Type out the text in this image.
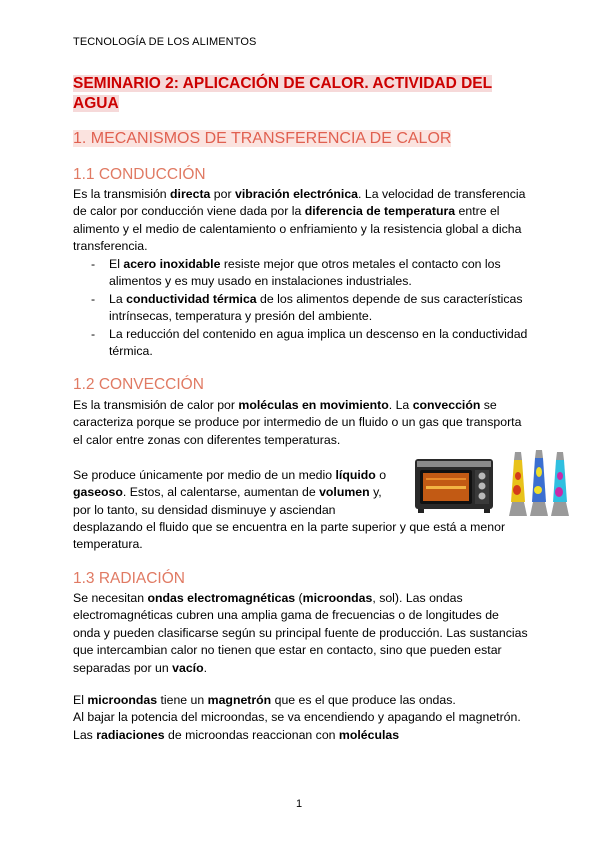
TECNOLOGÍA DE LOS ALIMENTOS
SEMINARIO 2: APLICACIÓN DE CALOR. ACTIVIDAD DEL
AGUA
1. MECANISMOS DE TRANSFERENCIA DE CALOR
1.1 CONDUCCIÓN
Es la transmisión directa por vibración electrónica. La velocidad de transferencia de calor por conducción viene dada por la diferencia de temperatura entre el alimento y el medio de calentamiento o enfriamiento y la resistencia global a dicha transferencia.
- El acero inoxidable resiste mejor que otros metales el contacto con los alimentos y es muy usado en instalaciones industriales.
- La conductividad térmica de los alimentos depende de sus características intrínsecas, temperatura y presión del ambiente.
- La reducción del contenido en agua implica un descenso en la conductividad térmica.
1.2 CONVECCIÓN
Es la transmisión de calor por moléculas en movimiento. La convección se caracteriza porque se produce por intermedio de un fluido o un gas que transporta el calor entre zonas con diferentes temperaturas.
Se produce únicamente por medio de un medio líquido o
gaseoso. Estos, al calentarse, aumentan de volumen y,
por lo tanto, su densidad disminuye y asciendan
desplazando el fluido que se encuentra en la parte superior y que está a menor temperatura.
1.3 RADIACIÓN
Se necesitan ondas electromagnéticas (microondas, sol). Las ondas electromagnéticas cubren una amplia gama de frecuencias o de longitudes de onda y pueden clasificarse según su principal fuente de producción. Las sustancias que intercambian calor no tienen que estar en contacto, sino que pueden estar separadas por un vacío.
El microondas tiene un magnetrón que es el que produce las ondas.
Al bajar la potencia del microondas, se va encendiendo y apagando el magnetrón. Las radiaciones de microondas reaccionan con moléculas
1
